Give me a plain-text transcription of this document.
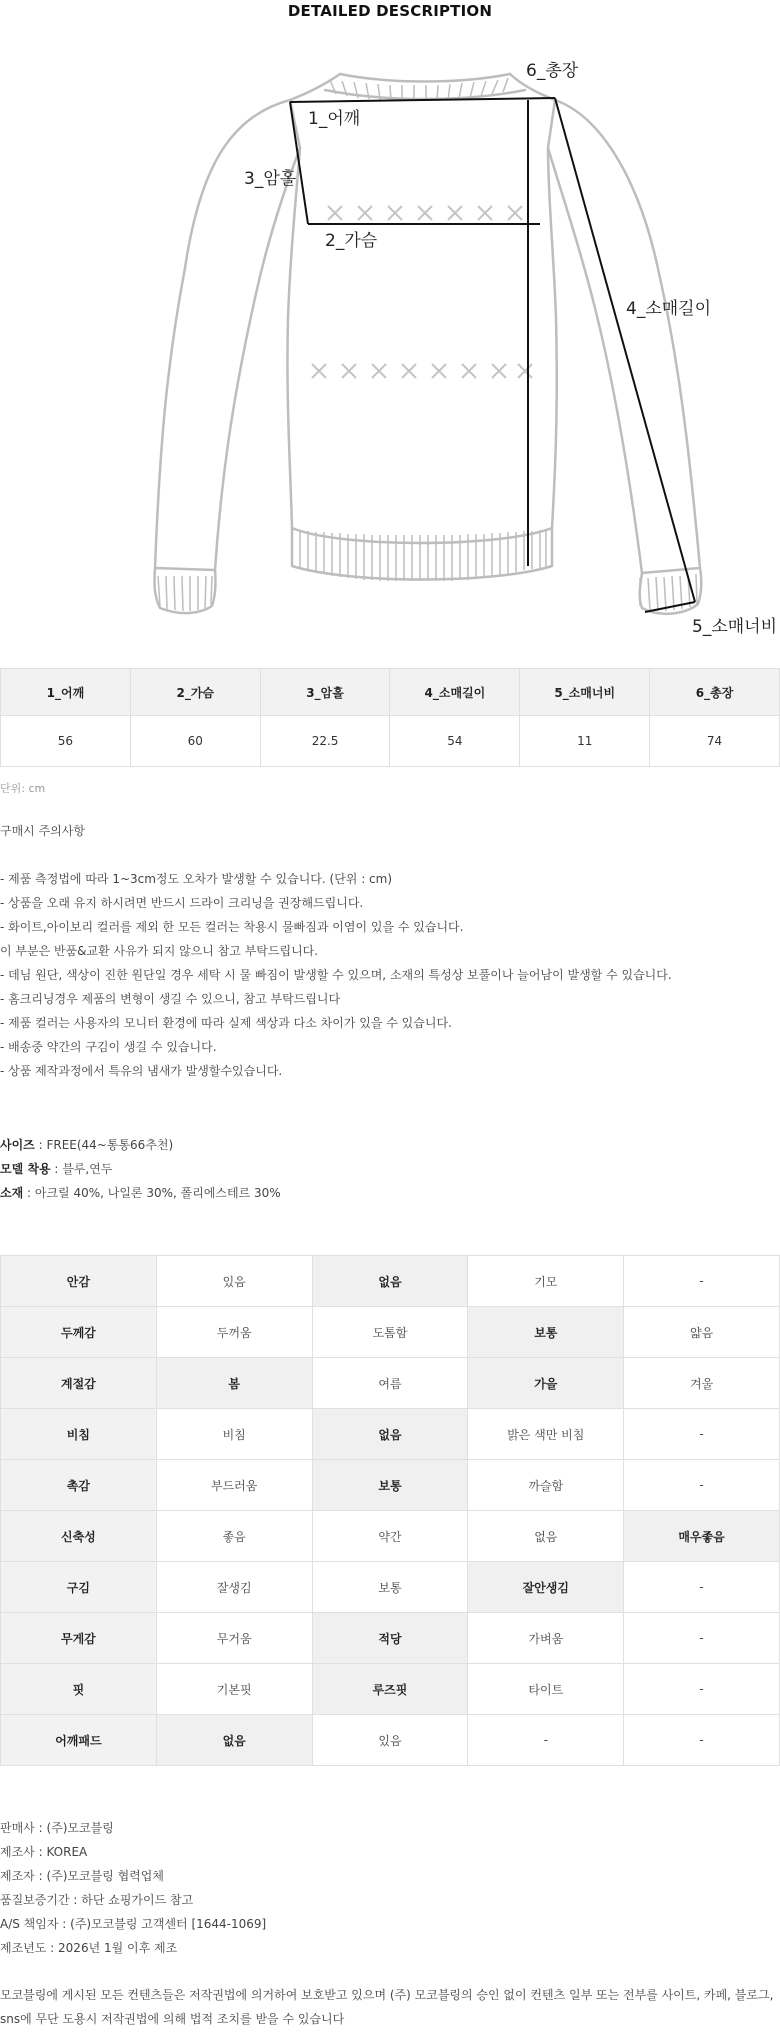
DETAILED DESCRIPTION
1_어깨
2_가슴
3_암홀
4_소매길이
5_소매너비
6_총장
1_어깨	2_가슴	3_암홀	4_소매길이	5_소매너비	6_총장
56	60	22.5	54	11	74
단위: cm
구매시 주의사항
- 제품 측정법에 따라 1~3cm정도 오차가 발생할 수 있습니다. (단위 : cm)
- 상품을 오래 유지 하시려면 반드시 드라이 크리닝을 권장해드립니다.
- 화이트,아이보리 컬러를 제외 한 모든 컬러는 착용시 물빠짐과 이염이 있을 수 있습니다.
이 부분은 반품&교환 사유가 되지 않으니 참고 부탁드립니다.
- 데님 원단, 색상이 진한 원단일 경우 세탁 시 물 빠짐이 발생할 수 있으며, 소재의 특성상 보풀이나 늘어남이 발생할 수 있습니다.
- 홈크리닝경우 제품의 변형이 생길 수 있으니, 참고 부탁드립니다
- 제품 컬러는 사용자의 모니터 환경에 따라 실제 색상과 다소 차이가 있을 수 있습니다.
- 배송중 약간의 구김이 생길 수 있습니다.
- 상품 제작과정에서 특유의 냄새가 발생할수있습니다.
사이즈 : FREE(44~통통66추천)
모델 착용 : 블루,연두
소재 : 아크릴 40%, 나일론 30%, 폴리에스테르 30%
안감	있음	없음	기모	-
두께감	두꺼움	도톰함	보통	얇음
계절감	봄	여름	가을	겨울
비침	비침	없음	밝은 색만 비침	-
촉감	부드러움	보통	까슬함	-
신축성	좋음	약간	없음	매우좋음
구김	잘생김	보통	잘안생김	-
무게감	무거움	적당	가벼움	-
핏	기본핏	루즈핏	타이트	-
어깨패드	없음	있음	-	-
판매사 : (주)모코블링
제조사 : KOREA
제조자 : (주)모코블링 협력업체
품질보증기간 : 하단 쇼핑가이드 참고
A/S 책임자 : (주)모코블링 고객센터 [1644-1069]
제조년도 : 2026년 1월 이후 제조
모코블링에 게시된 모든 컨텐츠들은 저작권법에 의거하여 보호받고 있으며 (주) 모코블링의 승인 없이 컨텐츠 일부 또는 전부를 사이트, 카페, 블로그, sns에 무단 도용시 저작권법에 의해 법적 조치를 받을 수 있습니다
